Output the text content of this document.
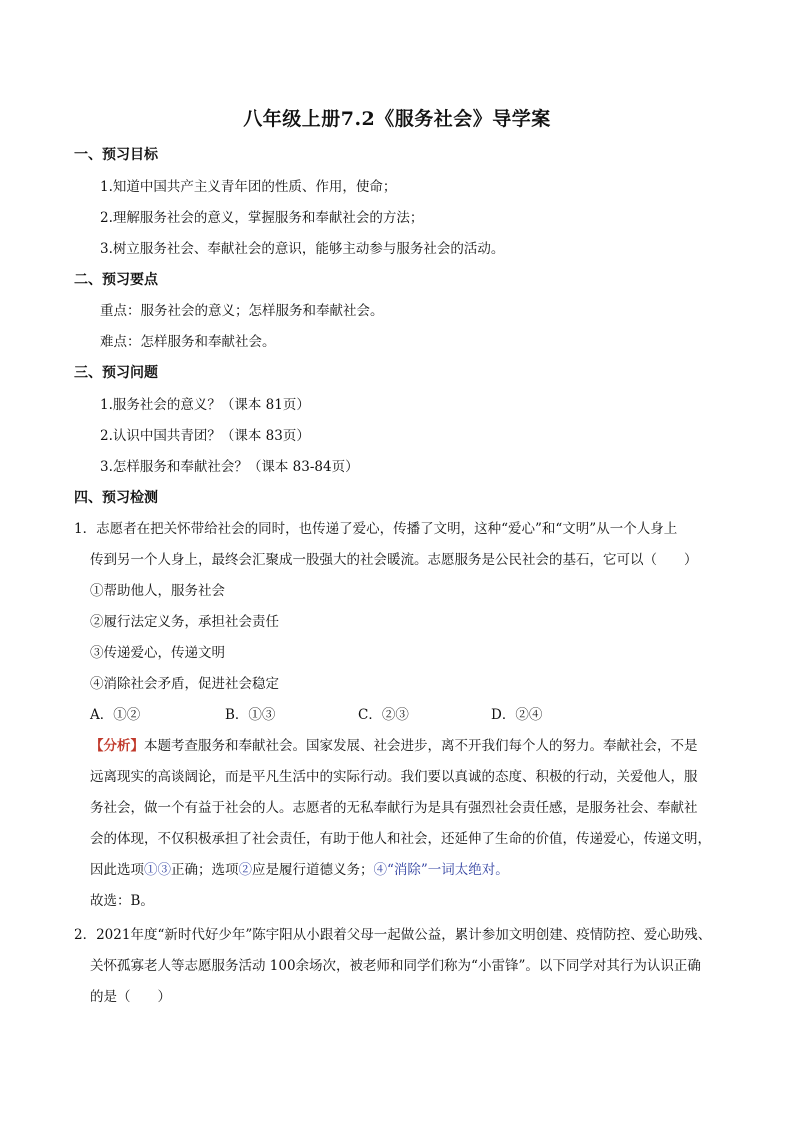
八年级上册7.2《服务社会》导学案
一、预习目标
1.知道中国共产主义青年团的性质、作用，使命；
2.理解服务社会的意义，掌握服务和奉献社会的方法；
3.树立服务社会、奉献社会的意识，能够主动参与服务社会的活动。
二、预习要点
重点：服务社会的意义；怎样服务和奉献社会。
难点：怎样服务和奉献社会。
三、预习问题
1.服务社会的意义？（课本 81页）
2.认识中国共青团？（课本 83页）
3.怎样服务和奉献社会？（课本 83-84页）
四、预习检测
1．志愿者在把关怀带给社会的同时，也传递了爱心，传播了文明，这种“爱心”和“文明”从一个人身上
传到另一个人身上，最终会汇聚成一股强大的社会暖流。志愿服务是公民社会的基石，它可以（　　）
①帮助他人，服务社会
②履行法定义务，承担社会责任
③传递爱心，传递文明
④消除社会矛盾，促进社会稳定
A．①②	B．①③	C．②③	D．②④
【分析】本题考查服务和奉献社会。国家发展、社会进步，离不开我们每个人的努力。奉献社会，不是
远离现实的高谈阔论，而是平凡生活中的实际行动。我们要以真诚的态度、积极的行动，关爱他人，服
务社会，做一个有益于社会的人。志愿者的无私奉献行为是具有强烈社会责任感，是服务社会、奉献社
会的体现，不仅积极承担了社会责任，有助于他人和社会，还延伸了生命的价值，传递爱心，传递文明，
因此选项①③正确；选项②应是履行道德义务；④“消除”一词太绝对。
故选：B。
2．2021年度“新时代好少年”陈宇阳从小跟着父母一起做公益，累计参加文明创建、疫情防控、爱心助残、
关怀孤寡老人等志愿服务活动 100余场次，被老师和同学们称为“小雷锋”。以下同学对其行为认识正确
的是（　　）
